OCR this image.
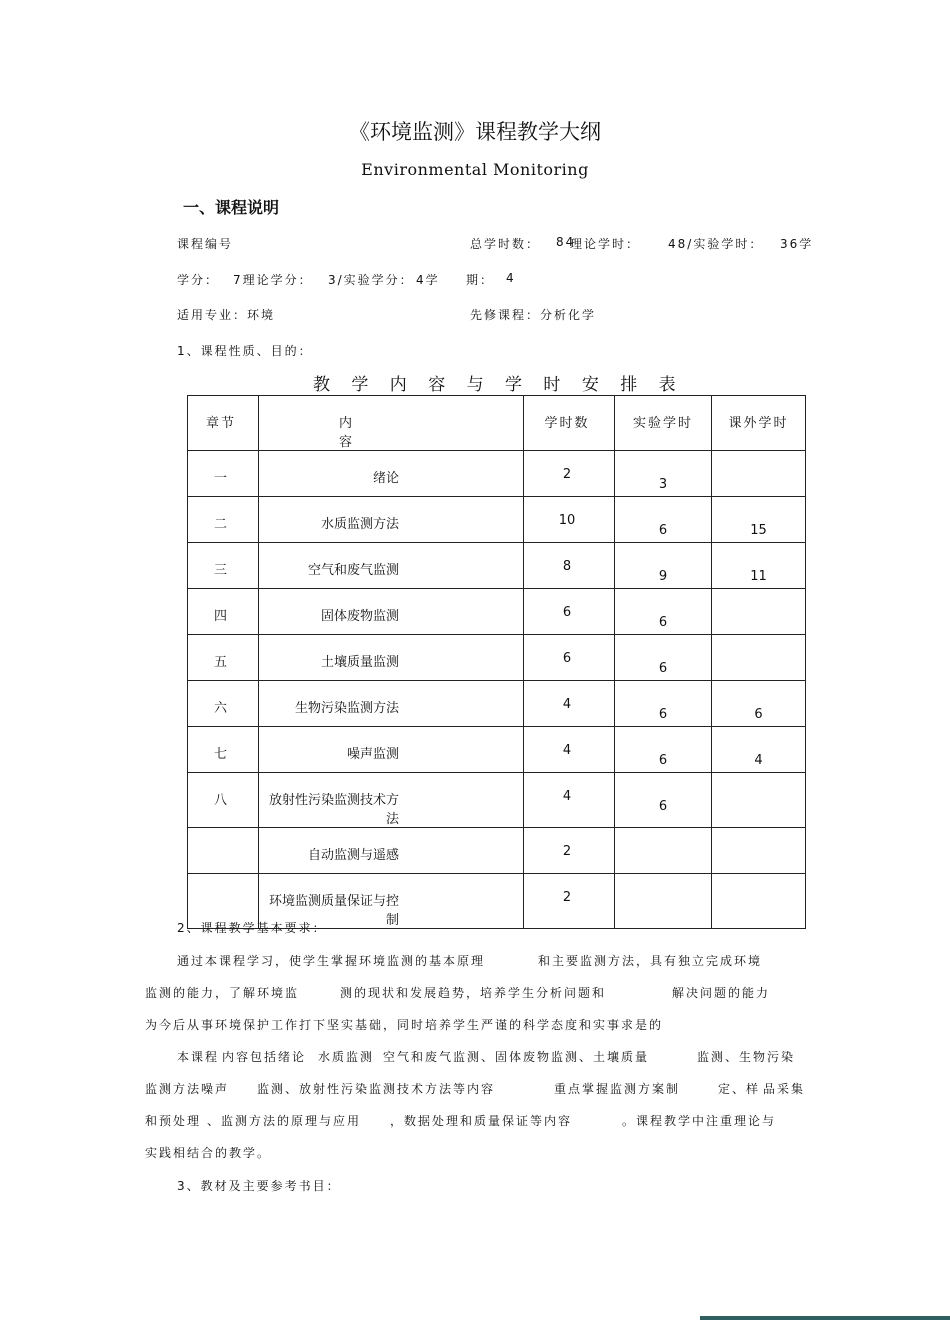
《环境监测》课程教学大纲
Environmental Monitoring
一、课程说明
课程编号	总学时数： 84
理论学时： 48/实验学时： 36学
学分： 7理论学分： 3/实验学分： 4学 期： 4
适用专业：环境	先修课程：分析化学
1、课程性质、目的：
教 学 内 容 与 学 时 安 排 表
章节	内　　　容	学时数	实验学时	课外学时

一	绪论	2	3	

二	水质监测方法	10	6	15

三	空气和废气监测	8	9	11

四	固体废物监测	6	6	

五	土壤质量监测	6	6	

六	生物污染监测方法	4	6	6

七	噪声监测	4	6	4

八	放射性污染监测技术方法	4	6	

	自动监测与遥感	2		

	环境监测质量保证与控制	2		

2、课程教学基本要求：
通过本课程学习，使学生掌握环境监测的基本原理	和主要监测方法，具有独立完成环境
监测的能力，了解环境监	测的现状和发展趋势，培养学生分析问题和	解决问题的能力
为今后从事环境保护工作打下坚实基础，同时培养学生严谨的科学态度和实事求是的
本课程 内容包括绪论 水质监测 空气和废气监测、固体废物监测、土壤质量	监测、生物污染
监测方法噪声 监测、放射性污染监测技术方法等内容	重点掌握监测方案制	定、样 品采集
和预处理 、监测方法的原理与应用 ，数据处理和质量保证等内容	。课程教学中注重理论与
实践相结合的教学。
3、教材及主要参考书目：
